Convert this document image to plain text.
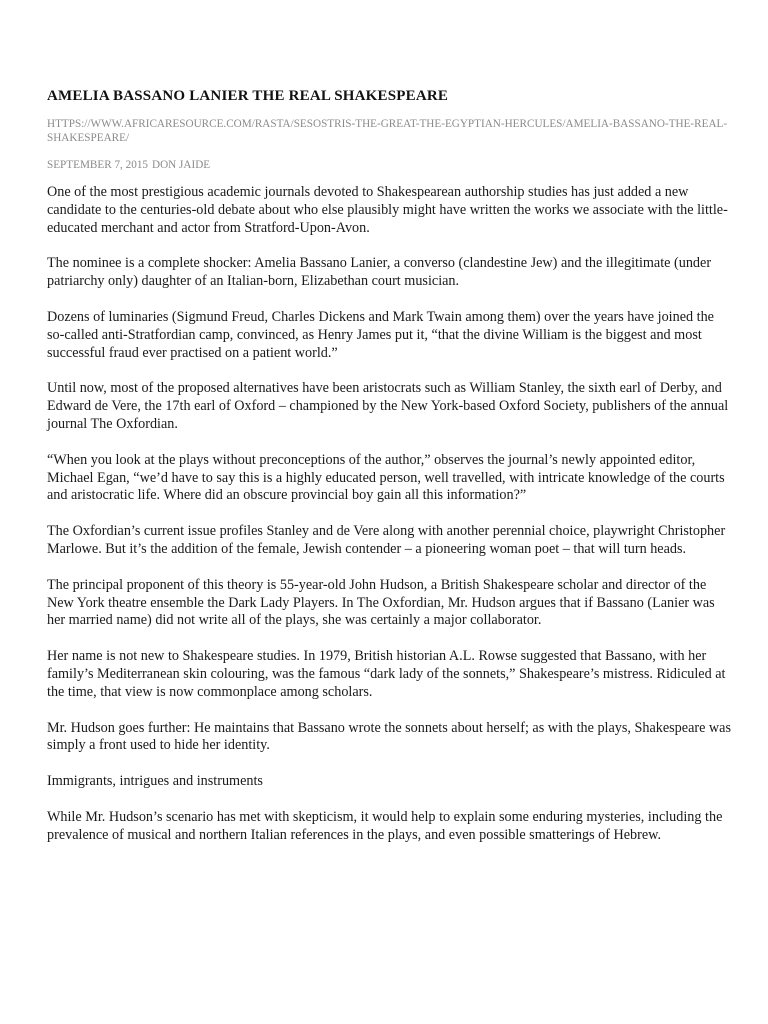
AMELIA BASSANO LANIER THE REAL SHAKESPEARE
HTTPS://WWW.AFRICARESOURCE.COM/RASTA/SESOSTRIS-THE-GREAT-THE-EGYPTIAN-HERCULES/AMELIA-BASSANO-THE-REAL-SHAKESPEARE/
SEPTEMBER 7, 2015 DON JAIDE

One of the most prestigious academic journals devoted to Shakespearean authorship studies has just added a new candidate to the centuries-old debate about who else plausibly might have written the works we associate with the little-educated merchant and actor from Stratford-Upon-Avon.

The nominee is a complete shocker: Amelia Bassano Lanier, a converso (clandestine Jew) and the illegitimate (under patriarchy only) daughter of an Italian-born, Elizabethan court musician.

Dozens of luminaries (Sigmund Freud, Charles Dickens and Mark Twain among them) over the years have joined the so-called anti-Stratfordian camp, convinced, as Henry James put it, “that the divine William is the biggest and most successful fraud ever practised on a patient world.”

Until now, most of the proposed alternatives have been aristocrats such as William Stanley, the sixth earl of Derby, and Edward de Vere, the 17th earl of Oxford – championed by the New York-based Oxford Society, publishers of the annual journal The Oxfordian.

“When you look at the plays without preconceptions of the author,” observes the journal’s newly appointed editor, Michael Egan, “we’d have to say this is a highly educated person, well travelled, with intricate knowledge of the courts and aristocratic life. Where did an obscure provincial boy gain all this information?”

The Oxfordian’s current issue profiles Stanley and de Vere along with another perennial choice, playwright Christopher Marlowe. But it’s the addition of the female, Jewish contender – a pioneering woman poet – that will turn heads.

The principal proponent of this theory is 55-year-old John Hudson, a British Shakespeare scholar and director of the New York theatre ensemble the Dark Lady Players. In The Oxfordian, Mr. Hudson argues that if Bassano (Lanier was her married name) did not write all of the plays, she was certainly a major collaborator.

Her name is not new to Shakespeare studies. In 1979, British historian A.L. Rowse suggested that Bassano, with her family’s Mediterranean skin colouring, was the famous “dark lady of the sonnets,” Shakespeare’s mistress. Ridiculed at the time, that view is now commonplace among scholars.

Mr. Hudson goes further: He maintains that Bassano wrote the sonnets about herself; as with the plays, Shakespeare was simply a front used to hide her identity.

Immigrants, intrigues and instruments

While Mr. Hudson’s scenario has met with skepticism, it would help to explain some enduring mysteries, including the prevalence of musical and northern Italian references in the plays, and even possible smatterings of Hebrew.
